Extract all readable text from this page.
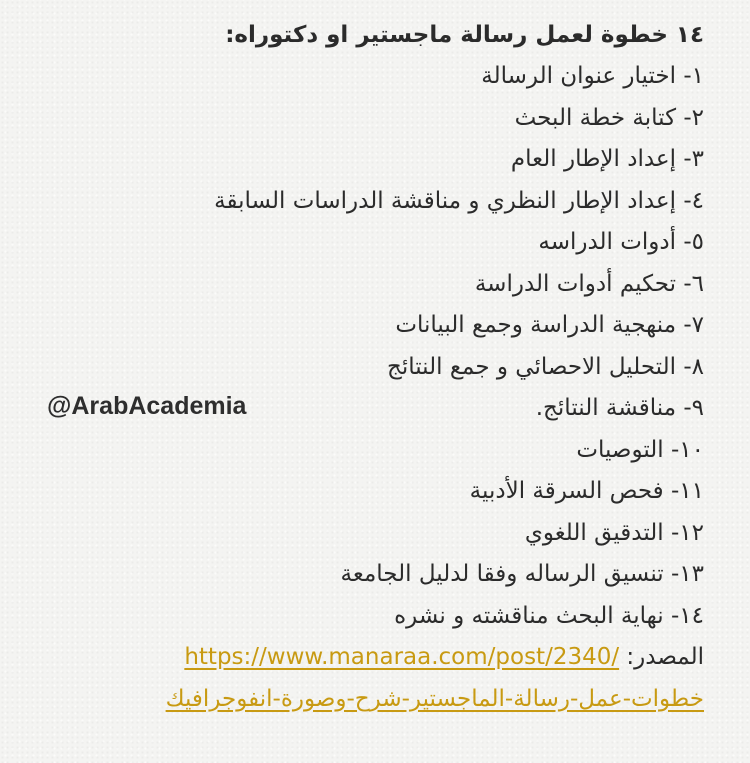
١٤ خطوة لعمل رسالة ماجستير او دكتوراه:
١- اختيار عنوان الرسالة
٢- كتابة خطة البحث
٣- إعداد الإطار العام
٤- إعداد الإطار النظري و مناقشة الدراسات السابقة
٥- أدوات الدراسه
٦- تحكيم أدوات الدراسة
٧- منهجية الدراسة وجمع البيانات
٨- التحليل الاحصائي و جمع النتائج
٩- مناقشة النتائج.
١٠- التوصيات
١١- فحص السرقة الأدبية
١٢- التدقيق اللغوي
١٣- تنسيق الرساله وفقا لدليل الجامعة
١٤- نهاية البحث مناقشته و نشره
المصدر: https://www.manaraa.com/post/2340/
خطوات-عمل-رسالة-الماجستير-شرح-وصورة-انفوجرافيك
@ArabAcademia
